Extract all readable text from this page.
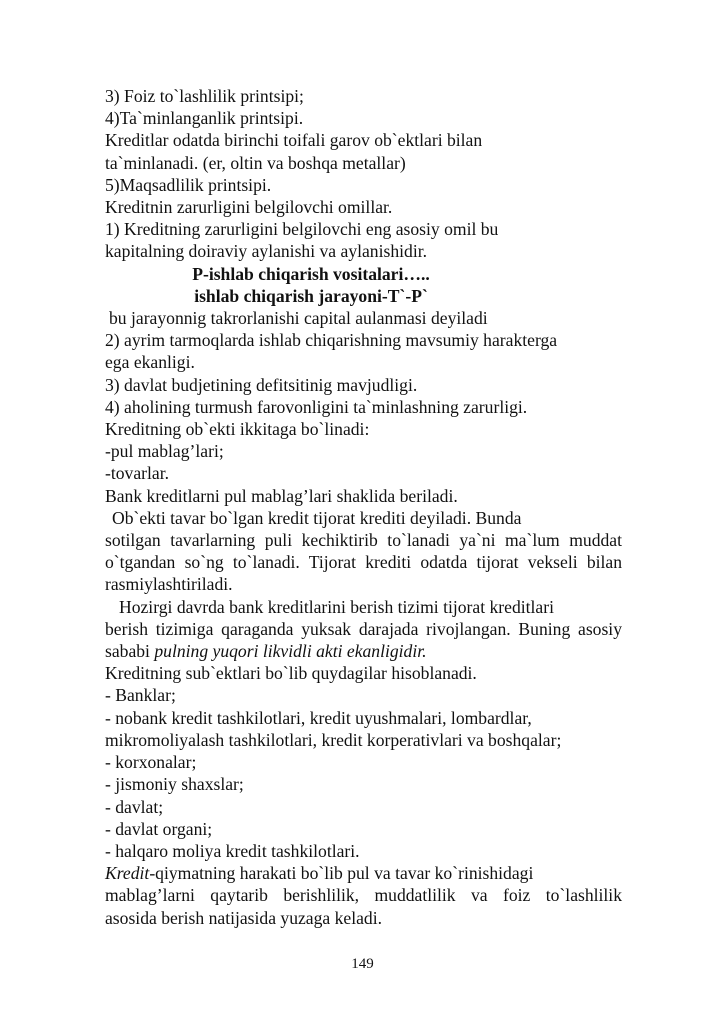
3) Foiz to`lashlilik printsipi;

4)Ta`minlanganlik printsipi.

Kreditlar odatda birinchi toifali garov ob`ektlari bilan

ta`minlanadi. (er, oltin va boshqa metallar)

5)Maqsadlilik printsipi.

Kreditnin zarurligini belgilovchi omillar.

1) Kreditning zarurligini belgilovchi eng asosiy omil bu

kapitalning doiraviy aylanishi va aylanishidir.

P-ishlab chiqarish vositalari…..

ishlab chiqarish jarayoni-T`-P`

bu jarayonnig takrorlanishi capital aulanmasi deyiladi

2) ayrim tarmoqlarda ishlab chiqarishning mavsumiy harakterga

ega ekanligi.

3) davlat budjetining defitsitinig mavjudligi.

4) aholining turmush farovonligini ta`minlashning zarurligi.

Kreditning ob`ekti ikkitaga bo`linadi:

-pul mablag’lari;

-tovarlar.

Bank kreditlarni pul mablag’lari shaklida beriladi.

Ob`ekti tavar bo`lgan kredit tijorat krediti deyiladi. Bunda

sotilgan tavarlarning puli kechiktirib to`lanadi ya`ni ma`lum muddat

o`tgandan so`ng to`lanadi. Tijorat krediti odatda tijorat vekseli bilan

rasmiylashtiriladi.

Hozirgi davrda bank kreditlarini berish tizimi tijorat kreditlari

berish tizimiga qaraganda yuksak darajada rivojlangan. Buning asosiy

sababi pulning yuqori likvidli akti ekanligidir.

Kreditning sub`ektlari bo`lib quydagilar hisoblanadi.

- Banklar;

- nobank kredit tashkilotlari, kredit uyushmalari, lombardlar,

mikromoliyalash tashkilotlari, kredit korperativlari va boshqalar;

- korxonalar;

- jismoniy shaxslar;

- davlat;

- davlat organi;

- halqaro moliya kredit tashkilotlari.

Kredit-qiymatning harakati bo`lib pul va tavar ko`rinishidagi

mablag’larni qaytarib berishlilik, muddatlilik va foiz to`lashlilik

asosida berish natijasida yuzaga keladi.

149
